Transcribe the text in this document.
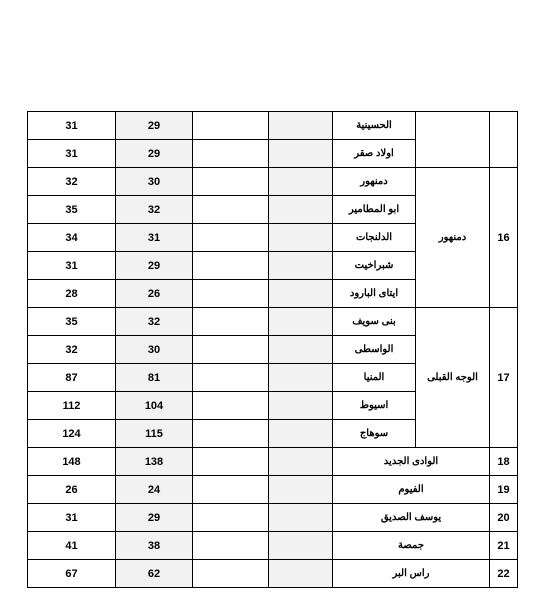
31	29			الحسينية		
31	29			اولاد صقر		
32	30			دمنهور	دمنهور	16
35	32			ابو المطامير		
34	31			الدلنجات		
31	29			شبراخيت		
28	26			ايتاى البارود		
35	32			بنى سويف	الوجه القبلى	17
32	30			الواسطى		
87	81			المنيا		
112	104			اسيوط		
124	115			سوهاج		
148	138			الوادى الجديد		18
26	24			الفيوم		19
31	29			يوسف الصديق		20
41	38			جمصة		21
67	62			راس البر		22
